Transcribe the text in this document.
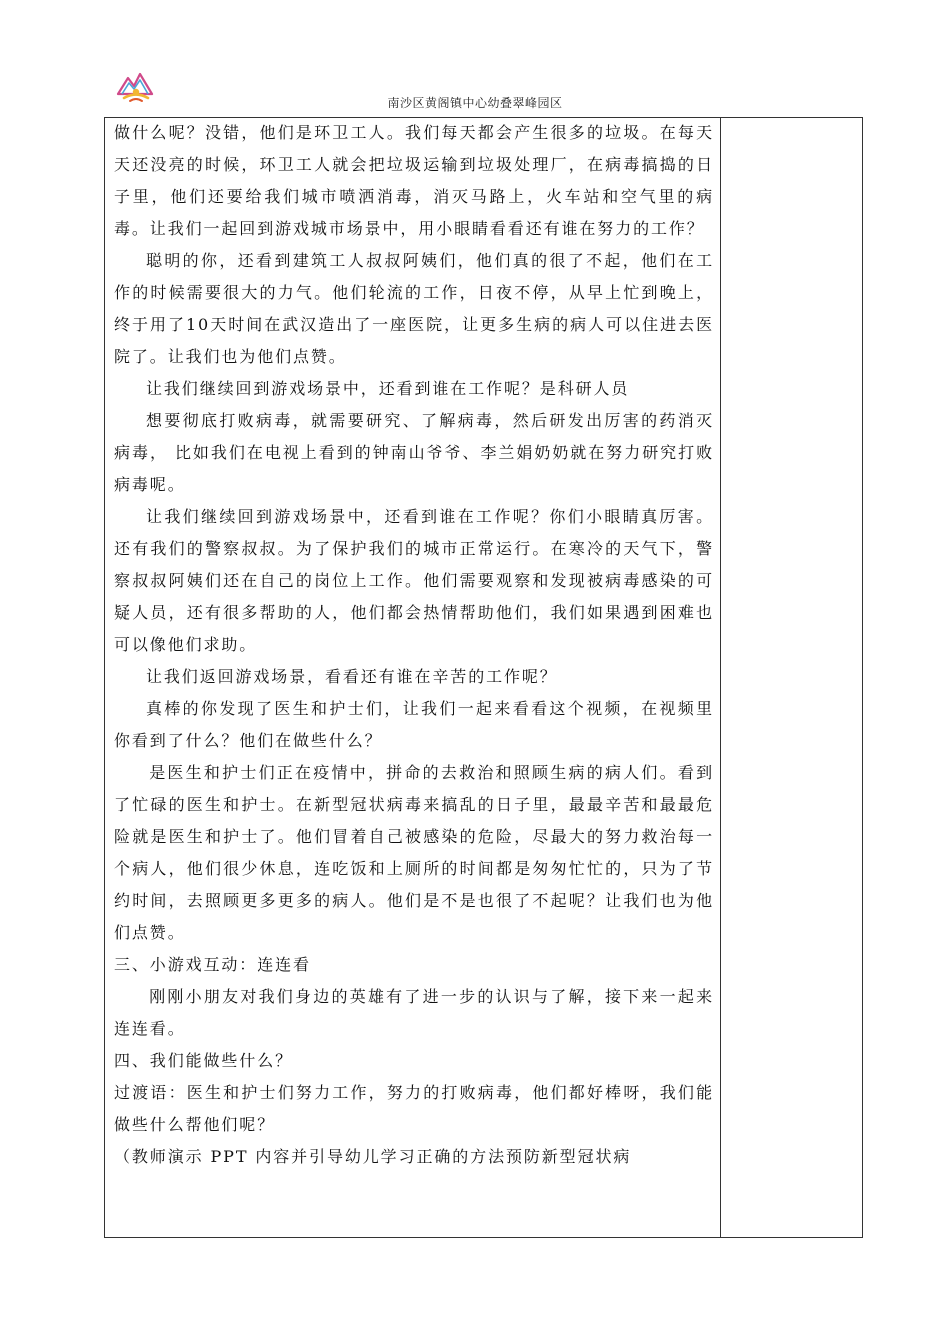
南沙区黄阁镇中心幼叠翠峰园区

做什么呢？没错，他们是环卫工人。我们每天都会产生很多的垃圾。在每天天还没亮的时候，环卫工人就会把垃圾运输到垃圾处理厂，在病毒搞捣的日子里，他们还要给我们城市喷洒消毒，消灭马路上，火车站和空气里的病毒。让我们一起回到游戏城市场景中，用小眼睛看看还有谁在努力的工作？

聪明的你，还看到建筑工人叔叔阿姨们，他们真的很了不起，他们在工作的时候需要很大的力气。他们轮流的工作，日夜不停，从早上忙到晚上，终于用了10天时间在武汉造出了一座医院，让更多生病的病人可以住进去医院了。让我们也为他们点赞。

让我们继续回到游戏场景中，还看到谁在工作呢？是科研人员

想要彻底打败病毒，就需要研究、了解病毒，然后研发出厉害的药消灭病毒， 比如我们在电视上看到的钟南山爷爷、李兰娟奶奶就在努力研究打败病毒呢。

让我们继续回到游戏场景中，还看到谁在工作呢？你们小眼睛真厉害。还有我们的警察叔叔。为了保护我们的城市正常运行。在寒冷的天气下，警察叔叔阿姨们还在自己的岗位上工作。他们需要观察和发现被病毒感染的可疑人员，还有很多帮助的人，他们都会热情帮助他们，我们如果遇到困难也可以像他们求助。

让我们返回游戏场景，看看还有谁在辛苦的工作呢？

真棒的你发现了医生和护士们，让我们一起来看看这个视频，在视频里你看到了什么？他们在做些什么？

是医生和护士们正在疫情中，拼命的去救治和照顾生病的病人们。看到了忙碌的医生和护士。在新型冠状病毒来搞乱的日子里，最最辛苦和最最危险就是医生和护士了。他们冒着自己被感染的危险，尽最大的努力救治每一个病人，他们很少休息，连吃饭和上厕所的时间都是匆匆忙忙的，只为了节约时间，去照顾更多更多的病人。他们是不是也很了不起呢？让我们也为他们点赞。

三、小游戏互动：连连看

刚刚小朋友对我们身边的英雄有了进一步的认识与了解，接下来一起来连连看。

四、我们能做些什么？

过渡语：医生和护士们努力工作，努力的打败病毒，他们都好棒呀，我们能做些什么帮他们呢？

（教师演示 PPT 内容并引导幼儿学习正确的方法预防新型冠状病
